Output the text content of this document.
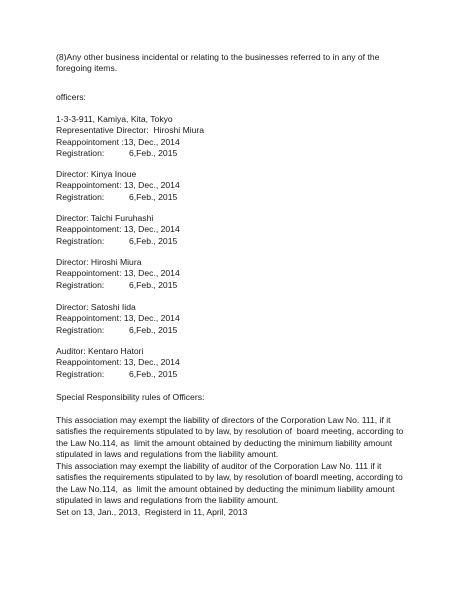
(8)Any other business incidental or relating to the businesses referred to in any of the
foregoing items.
officers:
1-3-3-911, Kamiya, Kita, Tokyo
Representative Director:  Hiroshi Miura
Reappointoment :13, Dec., 2014
Registration:	6,Feb., 2015
Director: Kinya Inoue
Reappointoment: 13, Dec., 2014
Registration:	6,Feb., 2015
Director: Taichi Furuhashi
Reappointoment: 13, Dec., 2014
Registration:	6,Feb., 2015
Director: Hiroshi Miura
Reappointoment: 13, Dec., 2014
Registration:	6,Feb., 2015
Director: Satoshi Iida
Reappointoment: 13, Dec., 2014
Registration:	6,Feb., 2015
Auditor: Kentaro Hatori
Reappointoment: 13, Dec., 2014
Registration:	6,Feb., 2015
Special Responsibility rules of Officers:
This association may exempt the liability of directors of the Corporation Law No. 111, if it
satisfies the requirements stipulated to by law, by resolution of  board meeting, according to
the Law No.114, as  limit the amount obtained by deducting the minimum liability amount
stipulated in laws and regulations from the liability amount.
This association may exempt the liability of auditor of the Corporation Law No. 111 if it
satisfies the requirements stipulated to by law, by resolution of boardl meeting, according to
the Law No.114,  as  limit the amount obtained by deducting the minimum liability amount
stipulated in laws and regulations from the liability amount.
Set on 13, Jan., 2013,  Registerd in 11, April, 2013
